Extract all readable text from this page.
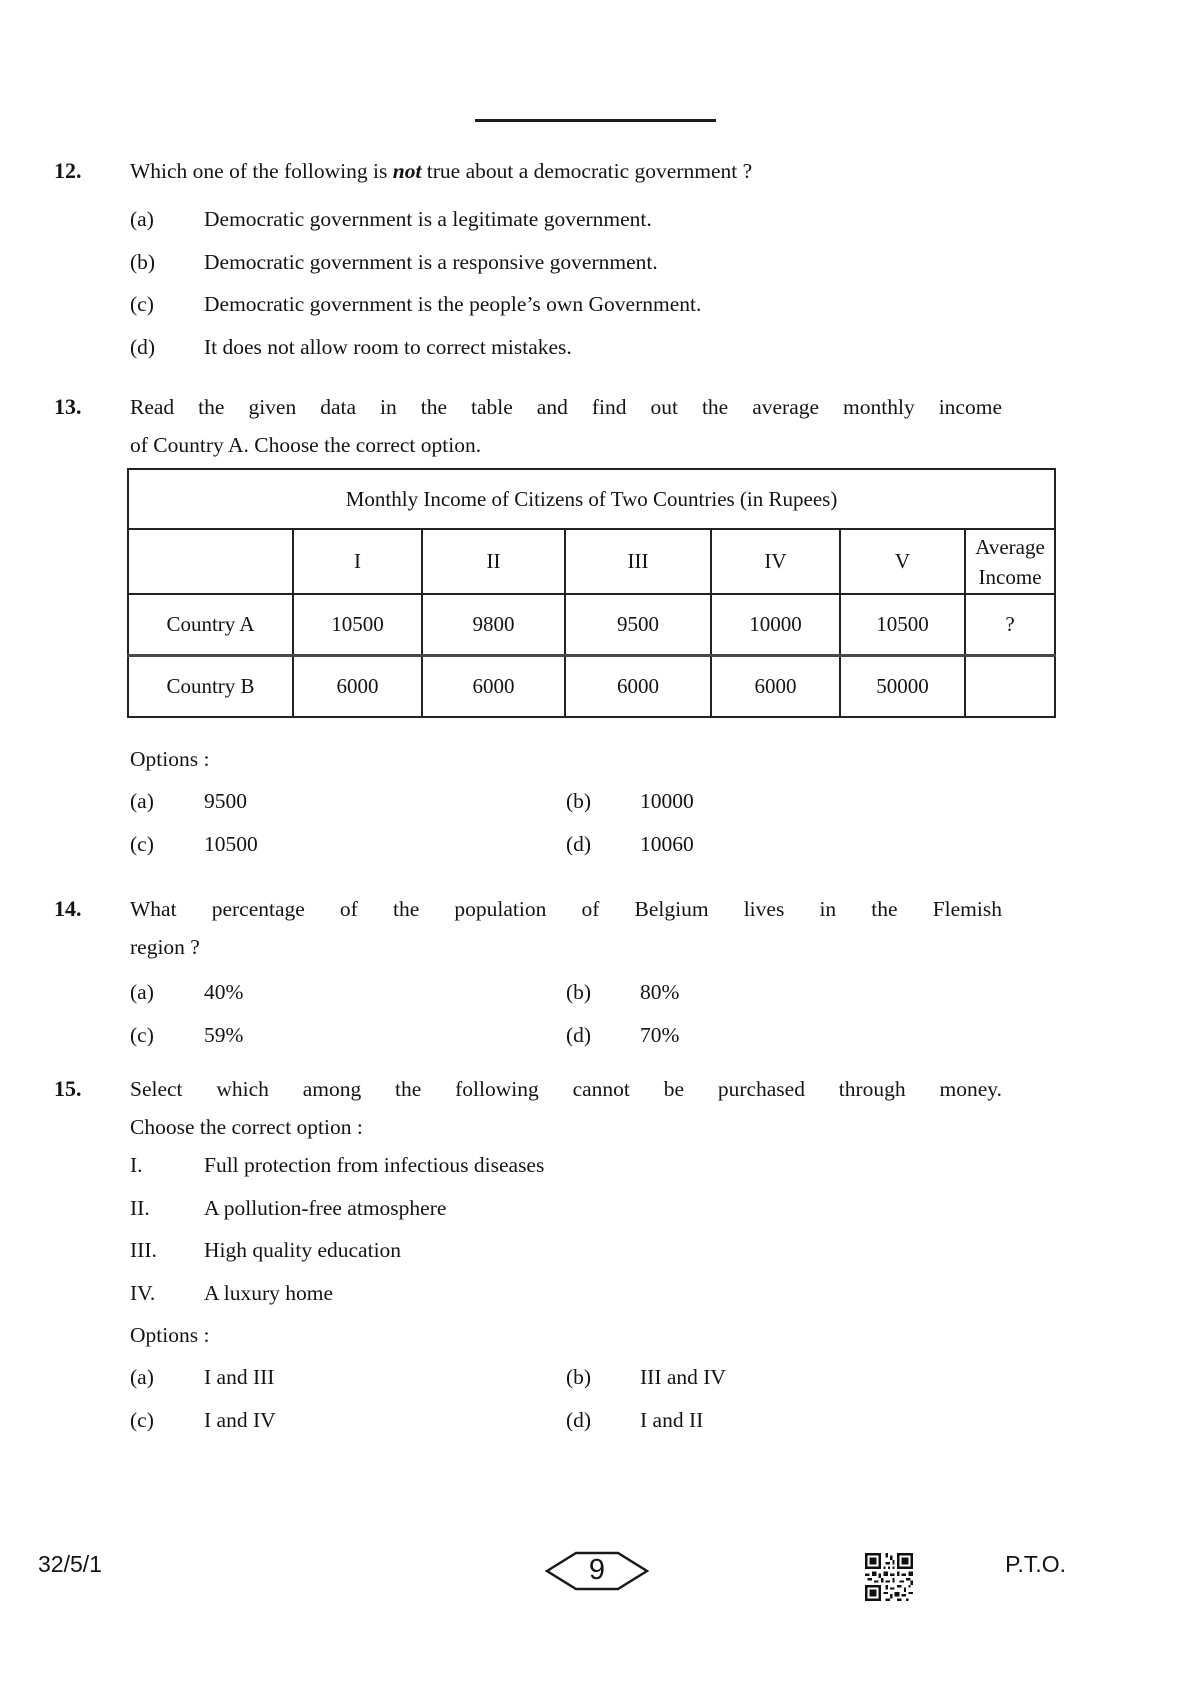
12. Which one of the following is not true about a democratic government ?
(a)	Democratic government is a legitimate government.
(b)	Democratic government is a responsive government.
(c)	Democratic government is the people’s own Government.
(d)	It does not allow room to correct mistakes.
13. Read the given data in the table and find out the average monthly income
of Country A. Choose the correct option.
Monthly Income of Citizens of Two Countries (in Rupees)						
	I	II	III	IV	V	Average Income
Country A	10500	9800	9500	10000	10500	?
Country B	6000	6000	6000	6000	50000	
Options :
(a)	9500	(b)	10000
(c)	10500	(d)	10060
14. What percentage of the population of Belgium lives in the Flemish
region ?
(a)	40%	(b)	80%
(c)	59%	(d)	70%
15. Select which among the following cannot be purchased through money.
Choose the correct option :
I.	Full protection from infectious diseases
II.	A pollution-free atmosphere
III.	High quality education
IV.	A luxury home
Options :
(a)	I and III	(b)	III and IV
(c)	I and IV	(d)	I and II
32/5/1	9	P.T.O.
